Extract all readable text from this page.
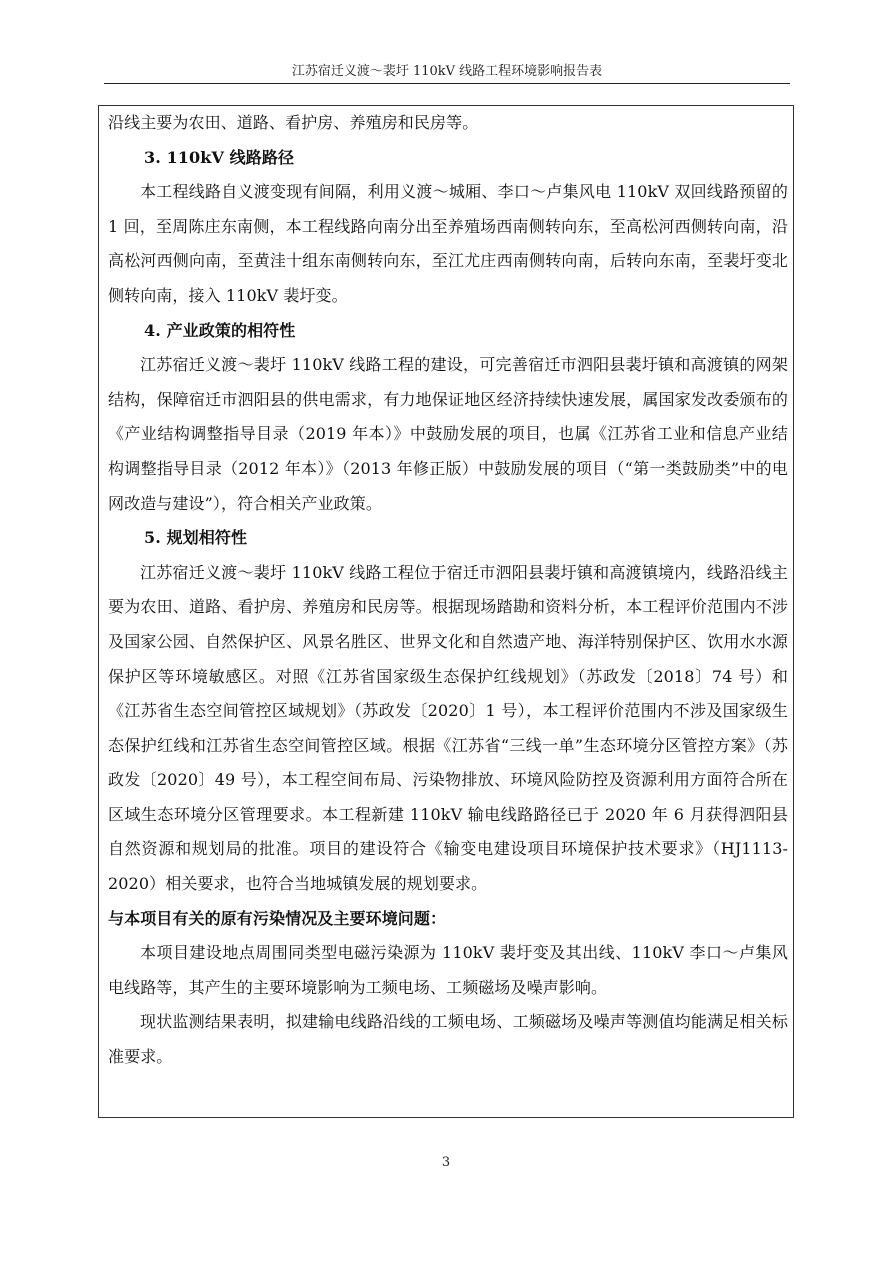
江苏宿迁义渡～裴圩 110kV 线路工程环境影响报告表

沿线主要为农田、道路、看护房、养殖房和民房等。

3. 110kV 线路路径

本工程线路自义渡变现有间隔，利用义渡～城厢、李口～卢集风电 110kV 双回线路预留的 1 回，至周陈庄东南侧，本工程线路向南分出至养殖场西南侧转向东，至高松河西侧转向南，沿高松河西侧向南，至黄洼十组东南侧转向东，至江尤庄西南侧转向南，后转向东南，至裴圩变北侧转向南，接入 110kV 裴圩变。

4. 产业政策的相符性

江苏宿迁义渡～裴圩 110kV 线路工程的建设，可完善宿迁市泗阳县裴圩镇和高渡镇的网架结构，保障宿迁市泗阳县的供电需求，有力地保证地区经济持续快速发展，属国家发改委颁布的《产业结构调整指导目录（2019 年本）》中鼓励发展的项目，也属《江苏省工业和信息产业结构调整指导目录（2012 年本）》（2013 年修正版）中鼓励发展的项目（“第一类鼓励类”中的电网改造与建设”），符合相关产业政策。

5. 规划相符性

江苏宿迁义渡～裴圩 110kV 线路工程位于宿迁市泗阳县裴圩镇和高渡镇境内，线路沿线主要为农田、道路、看护房、养殖房和民房等。根据现场踏勘和资料分析，本工程评价范围内不涉及国家公园、自然保护区、风景名胜区、世界文化和自然遗产地、海洋特别保护区、饮用水水源保护区等环境敏感区。对照《江苏省国家级生态保护红线规划》（苏政发〔2018〕74 号）和《江苏省生态空间管控区域规划》（苏政发〔2020〕1 号），本工程评价范围内不涉及国家级生态保护红线和江苏省生态空间管控区域。根据《江苏省“三线一单”生态环境分区管控方案》（苏政发〔2020〕49 号），本工程空间布局、污染物排放、环境风险防控及资源利用方面符合所在区域生态环境分区管理要求。本工程新建 110kV 输电线路路径已于 2020 年 6 月获得泗阳县自然资源和规划局的批准。项目的建设符合《输变电建设项目环境保护技术要求》（HJ1113-2020）相关要求，也符合当地城镇发展的规划要求。

与本项目有关的原有污染情况及主要环境问题：

本项目建设地点周围同类型电磁污染源为 110kV 裴圩变及其出线、110kV 李口～卢集风电线路等，其产生的主要环境影响为工频电场、工频磁场及噪声影响。

现状监测结果表明，拟建输电线路沿线的工频电场、工频磁场及噪声等测值均能满足相关标准要求。

3
